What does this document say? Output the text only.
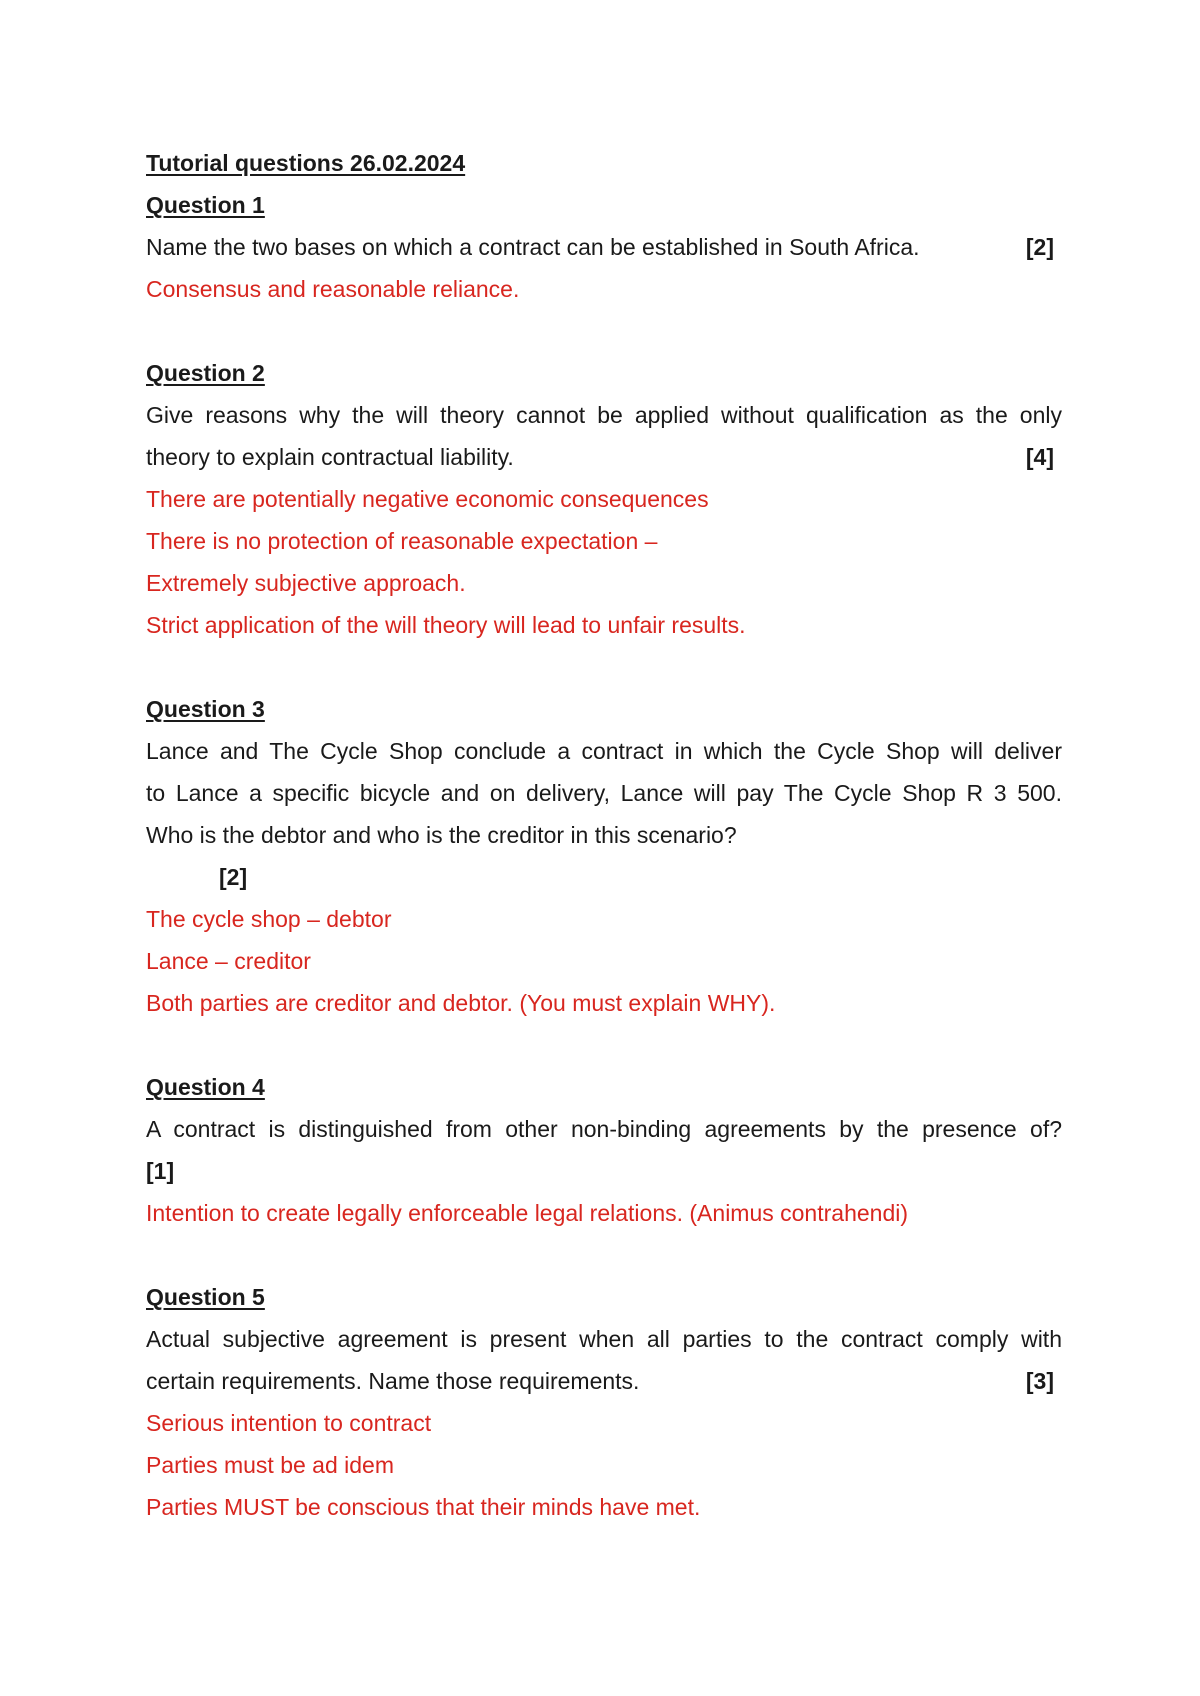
Tutorial questions 26.02.2024

Question 1

Name the two bases on which a contract can be established in South Africa.	[2]

Consensus and reasonable reliance.

Question 2

Give reasons why the will theory cannot be applied without qualification as the only

theory to explain contractual liability.	[4]

There are potentially negative economic consequences

There is no protection of reasonable expectation –

Extremely subjective approach.

Strict application of the will theory will lead to unfair results.

Question 3

Lance and The Cycle Shop conclude a contract in which the Cycle Shop will deliver

to Lance a specific bicycle and on delivery, Lance will pay The Cycle Shop R 3 500.

Who is the debtor and who is the creditor in this scenario?

[2]

The cycle shop – debtor

Lance – creditor

Both parties are creditor and debtor. (You must explain WHY).

Question 4

A contract is distinguished from other non-binding agreements by the presence of?

[1]

Intention to create legally enforceable legal relations. (Animus contrahendi)

Question 5

Actual subjective agreement is present when all parties to the contract comply with

certain requirements. Name those requirements.	[3]

Serious intention to contract

Parties must be ad idem

Parties MUST be conscious that their minds have met.
